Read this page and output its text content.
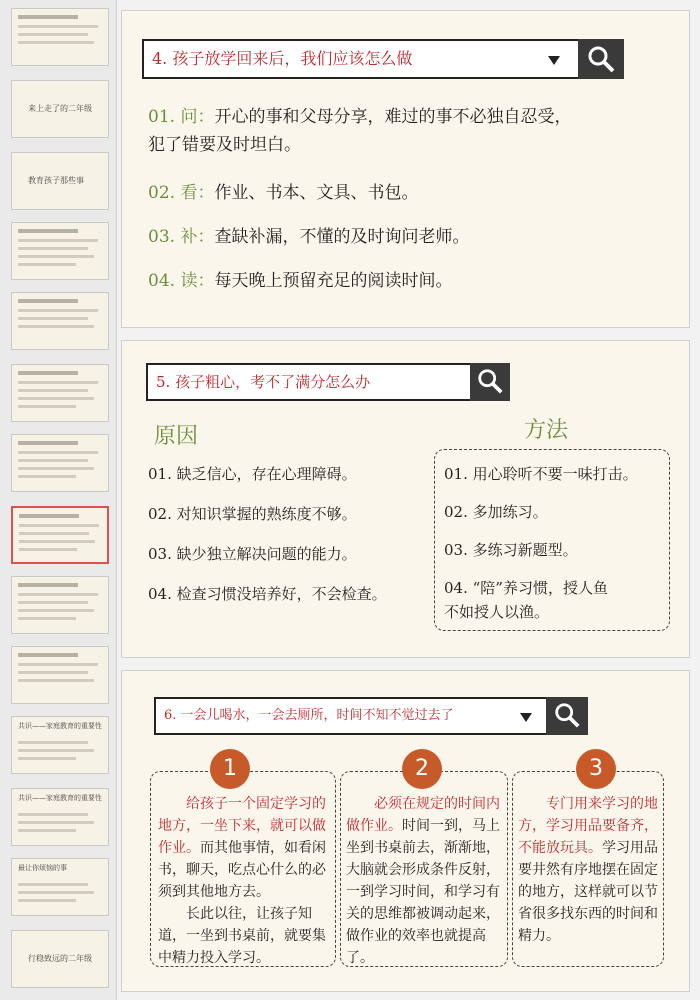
来上走了的二年级
教育孩子那些事
共识——家庭教育的重要性
共识——家庭教育的重要性
最让你烦恼的事
行稳致远的二年级
4. 孩子放学回来后，我们应该怎么做
01. 问：开心的事和父母分享，难过的事不必独自忍受，
犯了错要及时坦白。
02. 看：作业、书本、文具、书包。
03. 补：查缺补漏，不懂的及时询问老师。
04. 读：每天晚上预留充足的阅读时间。
5. 孩子粗心，考不了满分怎么办
原因	方法
01. 缺乏信心，存在心理障碍。
02. 对知识掌握的熟练度不够。
03. 缺少独立解决问题的能力。
04. 检查习惯没培养好，不会检查。
01. 用心聆听不要一味打击。
02. 多加练习。
03. 多练习新题型。
04. “陪”养习惯，授人鱼
不如授人以渔。
6. 一会儿喝水，一会去厕所，时间不知不觉过去了
1

给孩子一个固定学习的地方，一坐下来，就可以做作业。而其他事情，如看闲书，聊天，吃点心什么的必须到其他地方去。

长此以往，让孩子知道，一坐到书桌前，就要集中精力投入学习。

2

必须在规定的时间内做作业。时间一到，马上坐到书桌前去，渐渐地，大脑就会形成条件反射，一到学习时间，和学习有关的思维都被调动起来，做作业的效率也就提高了。

3

专门用来学习的地方，学习用品要备齐，不能放玩具。学习用品要井然有序地摆在固定的地方，这样就可以节省很多找东西的时间和精力。
